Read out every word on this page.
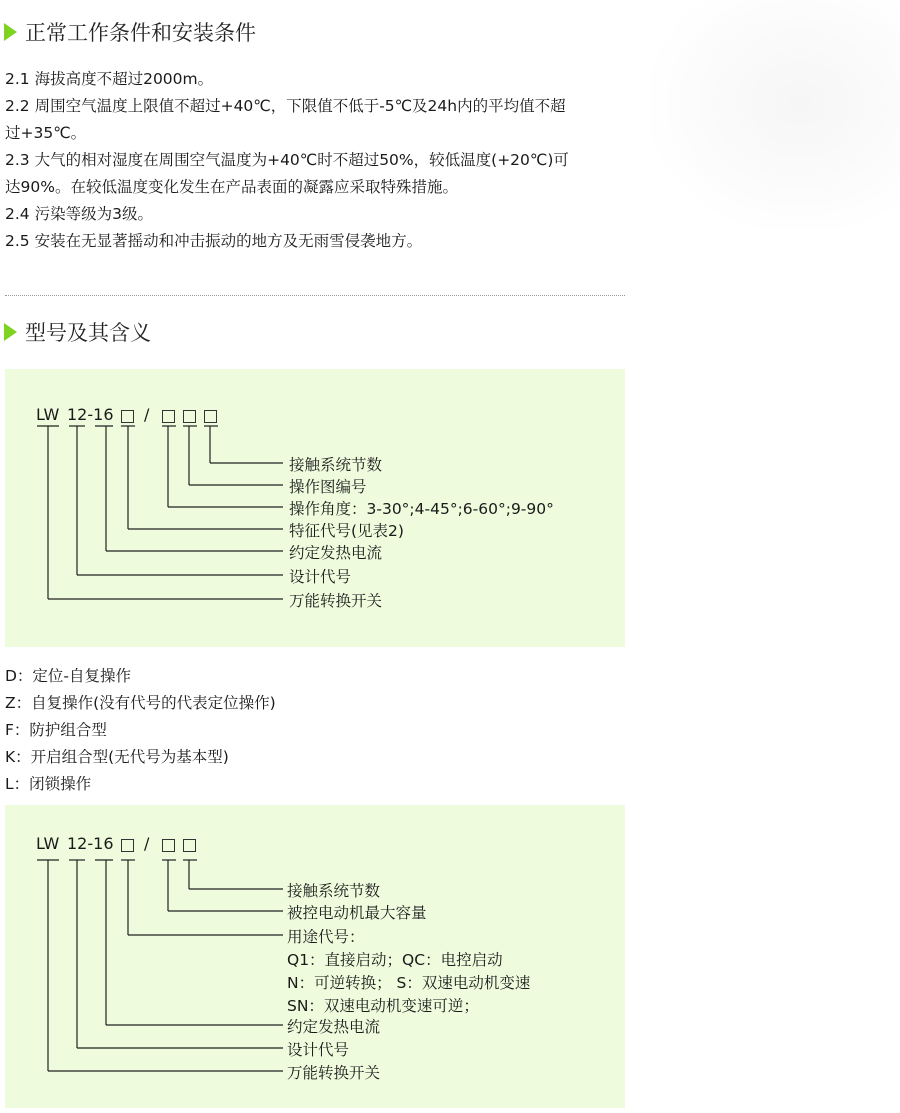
正常工作条件和安装条件

2.1 海拔高度不超过2000m。

2.2 周围空气温度上限值不超过+40℃，下限值不低于-5℃及24h内的平均值不超

过+35℃。

2.3 大气的相对湿度在周围空气温度为+40℃时不超过50%，较低温度(+20℃)可

达90%。在较低温度变化发生在产品表面的凝露应采取特殊措施。

2.4 污染等级为3级。

2.5 安装在无显著摇动和冲击振动的地方及无雨雪侵袭地方。

型号及其含义
LW 12-16 /
接触系统节数
操作图编号
操作角度：3-30°;4-45°;6-60°;9-90°
特征代号(见表2)
约定发热电流
设计代号
万能转换开关
D：定位-自复操作
Z：自复操作(没有代号的代表定位操作)
F：防护组合型
K：开启组合型(无代号为基本型)
L：闭锁操作
LW 12-16 /
接触系统节数
被控电动机最大容量
用途代号：
Q1：直接启动；QC：电控启动
N：可逆转换； S：双速电动机变速
SN：双速电动机变速可逆；
约定发热电流
设计代号
万能转换开关
